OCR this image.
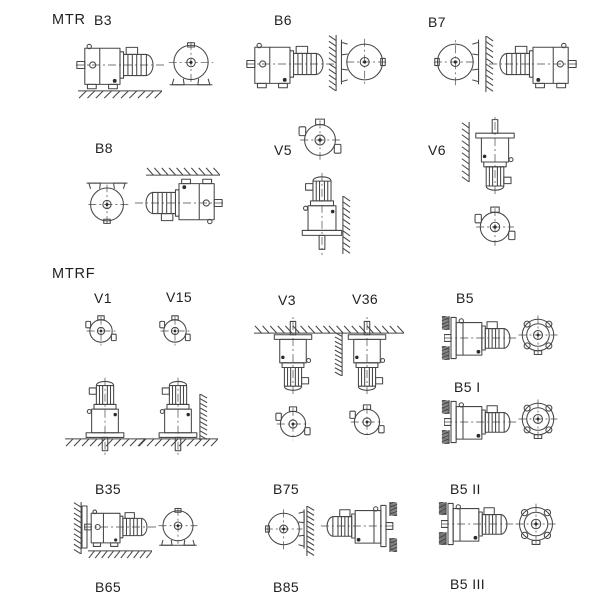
MTR B3	B6	B7
B8	V5	V6
MTRF
V1	V15	V3	V36	B5
B5 I
B35	B75	B5 II
B65	B85	B5 III
